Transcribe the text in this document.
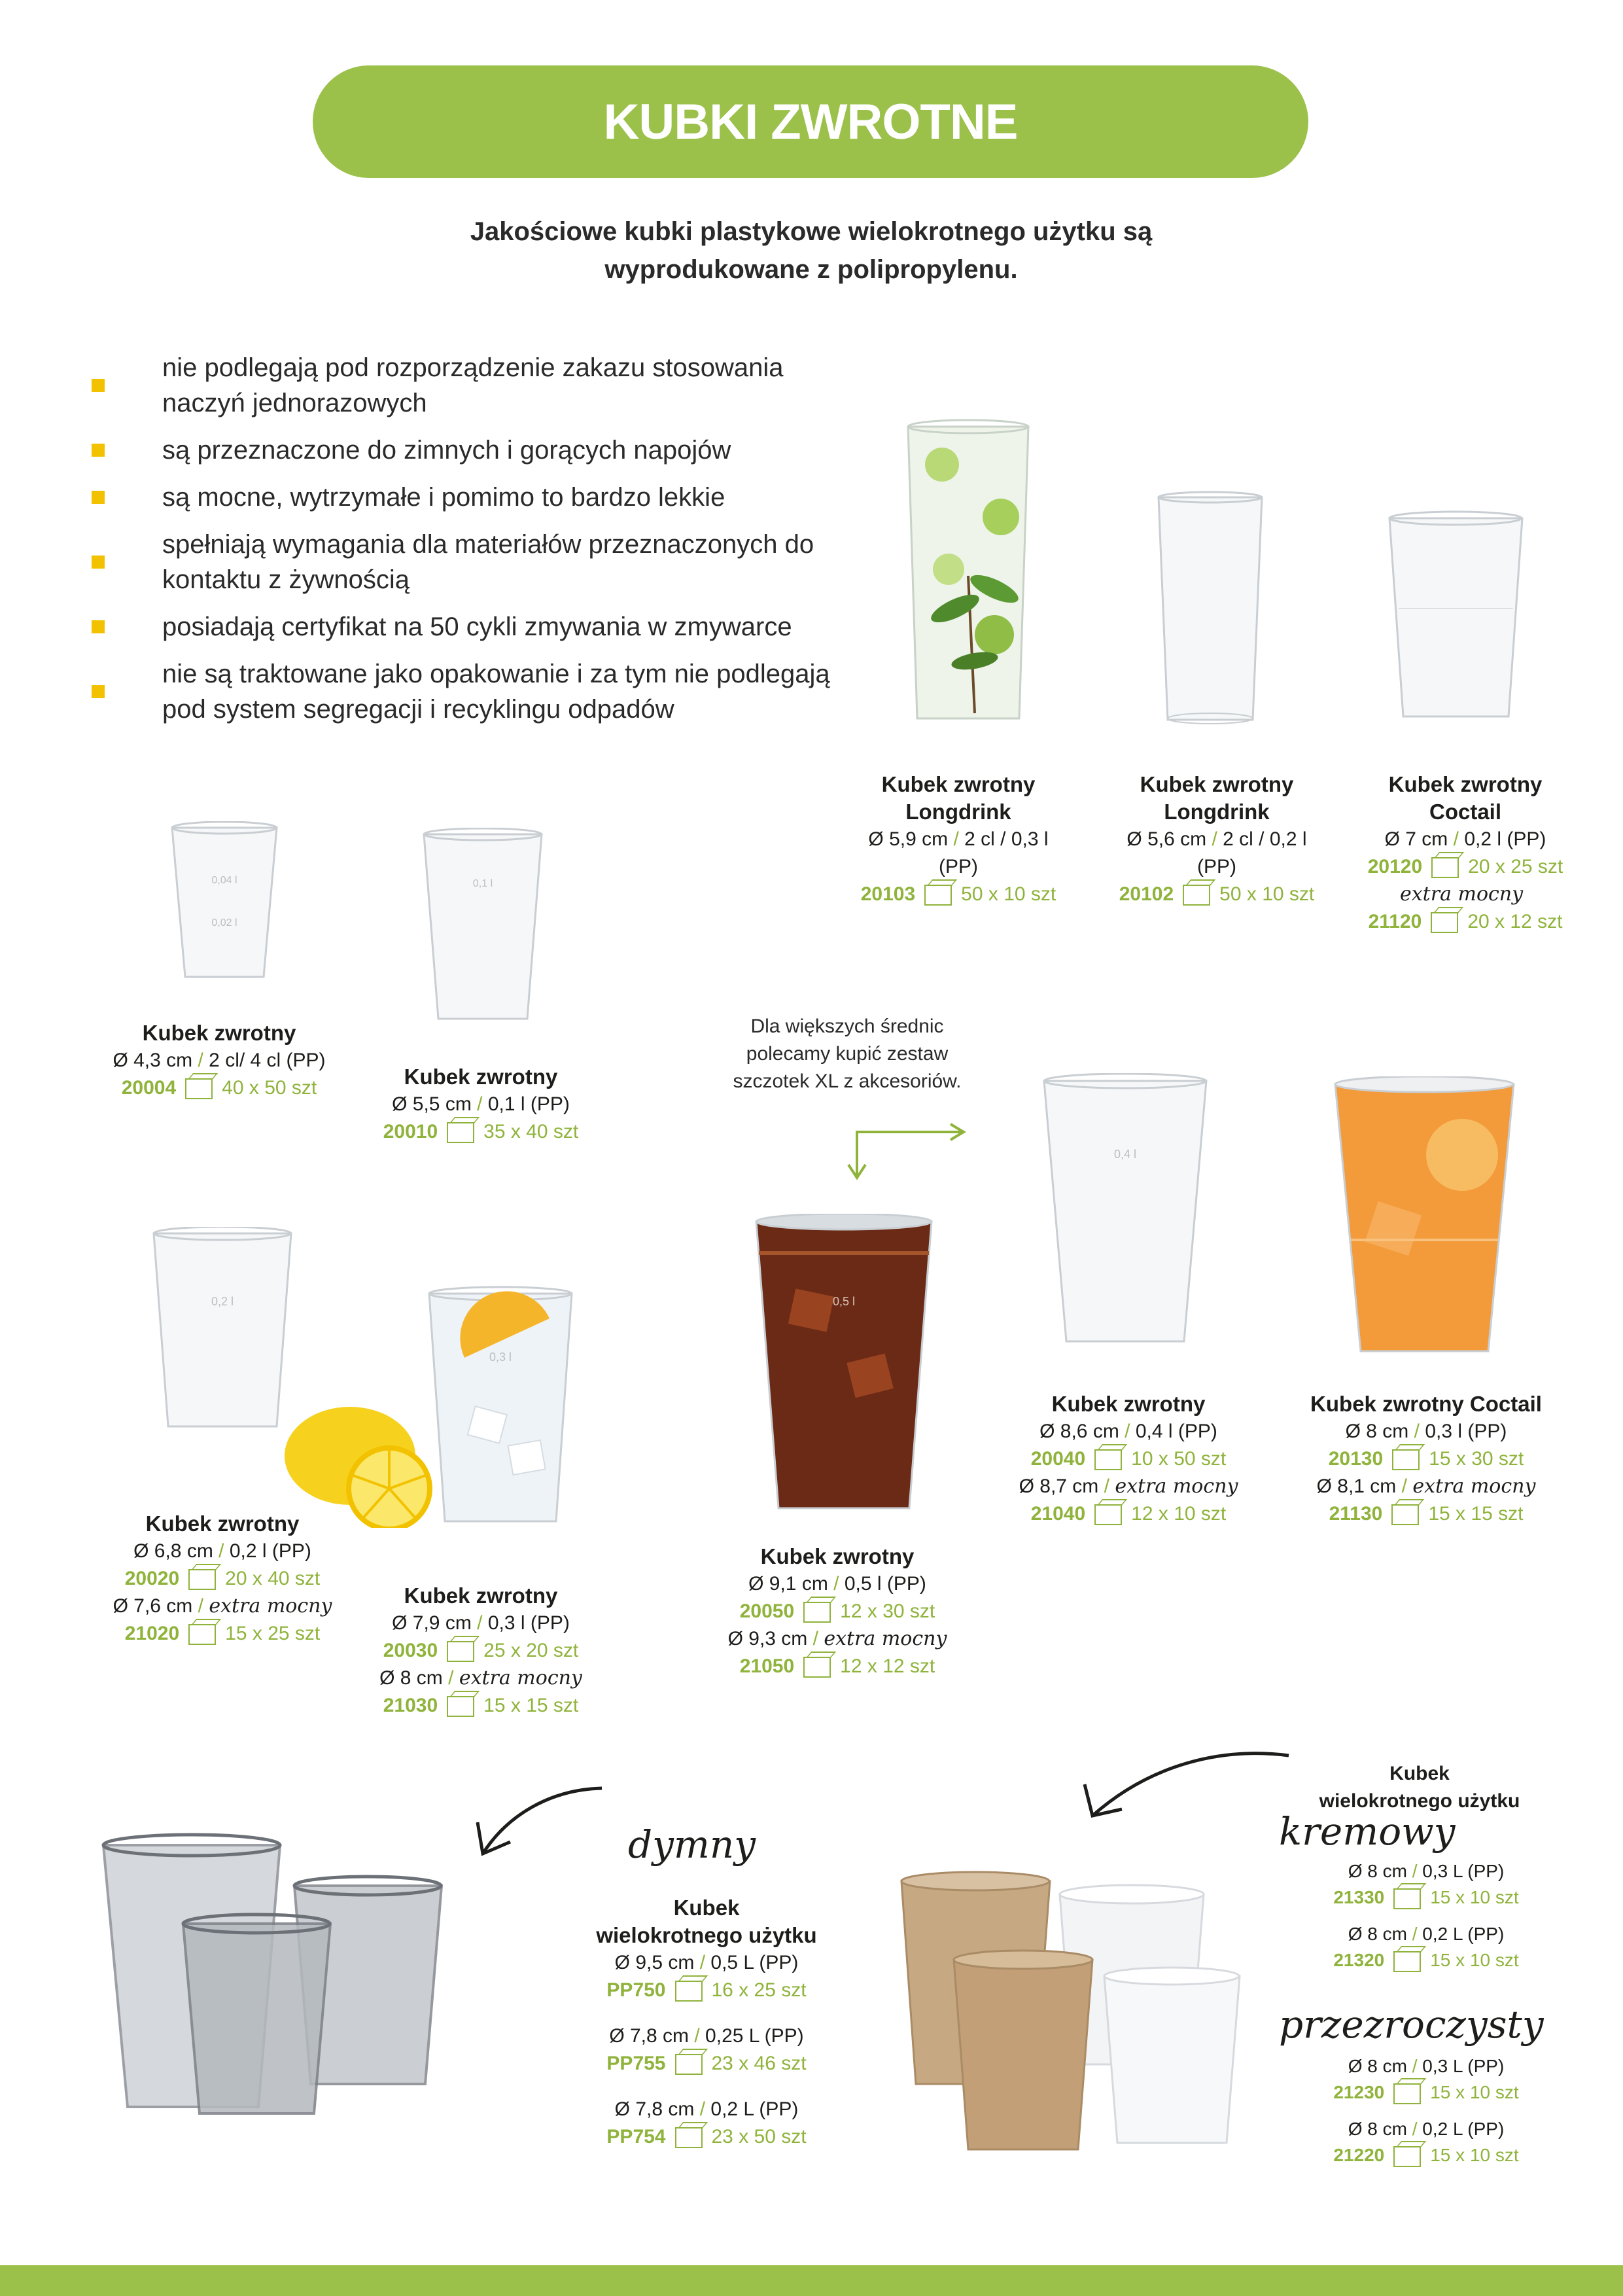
KUBKI ZWROTNE
Jakościowe kubki plastykowe wielokrotnego użytku są
wyprodukowane z polipropylenu.
nie podlegają pod rozporządzenie zakazu stosowania naczyń jednorazowych
są przeznaczone do zimnych i gorących napojów
są mocne, wytrzymałe i pomimo to bardzo lekkie
spełniają wymagania dla materiałów przeznaczonych do kontaktu z żywnością
posiadają certyfikat na 50 cykli zmywania w zmywarce
nie są traktowane jako opakowanie i za tym nie podlegają pod system segregacji i recyklingu odpadów
0,04 l
0,02 l
0,1 l
0,2 l
0,3 l
0,5 l
0,4 l
Kubek zwrotny
Longdrink
Ø 5,9 cm / 2 cl / 0,3 l (PP)
20103 50 x 10 szt
Kubek zwrotny
Longdrink
Ø 5,6 cm / 2 cl / 0,2 l (PP)
20102 50 x 10 szt
Kubek zwrotny
Coctail
Ø 7 cm / 0,2 l (PP)
20120 20 x 25 szt
extra mocny
21120 20 x 12 szt
Kubek zwrotny
Ø 4,3 cm / 2 cl/ 4 cl (PP)
20004 40 x 50 szt	Kubek zwrotny
Ø 5,5 cm / 0,1 l (PP)
20010 35 x 40 szt
Dla większych średnic
polecamy kupić zestaw
szczotek XL z akcesoriów.
Kubek zwrotny
Ø 8,6 cm / 0,4 l (PP)
20040 10 x 50 szt
Ø 8,7 cm / extra mocny
21040 12 x 10 szt
Kubek zwrotny Coctail
Ø 8 cm / 0,3 l (PP)
20130 15 x 30 szt
Ø 8,1 cm / extra mocny
21130 15 x 15 szt
Kubek zwrotny
Ø 6,8 cm / 0,2 l (PP)
20020 20 x 40 szt
Ø 7,6 cm / extra mocny
21020 15 x 25 szt
Kubek zwrotny
Ø 7,9 cm / 0,3 l (PP)
20030 25 x 20 szt
Ø 8 cm / extra mocny
21030 15 x 15 szt
Kubek zwrotny
Ø 9,1 cm / 0,5 l (PP)
20050 12 x 30 szt
Ø 9,3 cm / extra mocny
21050 12 x 12 szt
dymny
Kubek
wielokrotnego użytku
Ø 9,5 cm / 0,5 L (PP)
PP750 16 x 25 szt
Ø 7,8 cm / 0,25 L (PP)
PP755 23 x 46 szt
Ø 7,8 cm / 0,2 L (PP)
PP754 23 x 50 szt
Kubek
wielokrotnego użytku
kremowy
Ø 8 cm / 0,3 L (PP)
21330	15 x 10 szt
Ø 8 cm / 0,2 L (PP)
21320	15 x 10 szt
przezroczysty
Ø 8 cm / 0,3 L (PP)
21230	15 x 10 szt
Ø 8 cm / 0,2 L (PP)
21220	15 x 10 szt
